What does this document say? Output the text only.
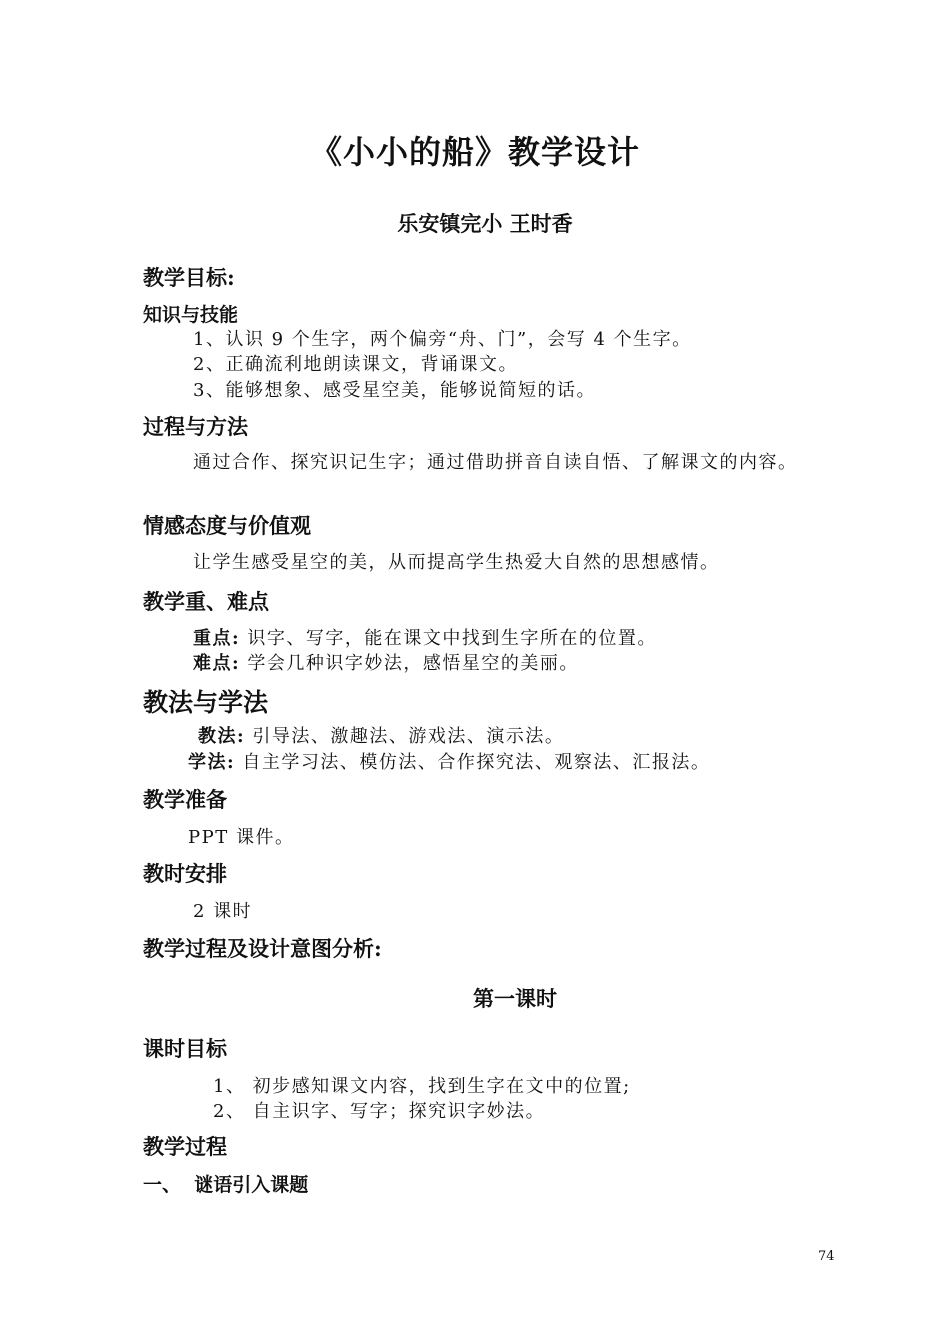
《小小的船》教学设计
乐安镇完小 王时香
教学目标:
知识与技能
1、认识 9 个生字，两个偏旁“舟、门”，会写 4 个生字。
2、正确流利地朗读课文，背诵课文。
3、能够想象、感受星空美，能够说简短的话。
过程与方法
通过合作、探究识记生字；通过借助拼音自读自悟、了解课文的内容。
情感态度与价值观
让学生感受星空的美，从而提高学生热爱大自然的思想感情。
教学重、难点
重点: 识字、写字，能在课文中找到生字所在的位置。
难点: 学会几种识字妙法，感悟星空的美丽。
教法与学法
教法: 引导法、激趣法、游戏法、演示法。
学法: 自主学习法、模仿法、合作探究法、观察法、汇报法。
教学准备
PPT 课件。
教时安排
2 课时
教学过程及设计意图分析:
第一课时
课时目标
1、 初步感知课文内容，找到生字在文中的位置;
2、 自主识字、写字；探究识字妙法。
教学过程
一、  谜语引入课题
74
